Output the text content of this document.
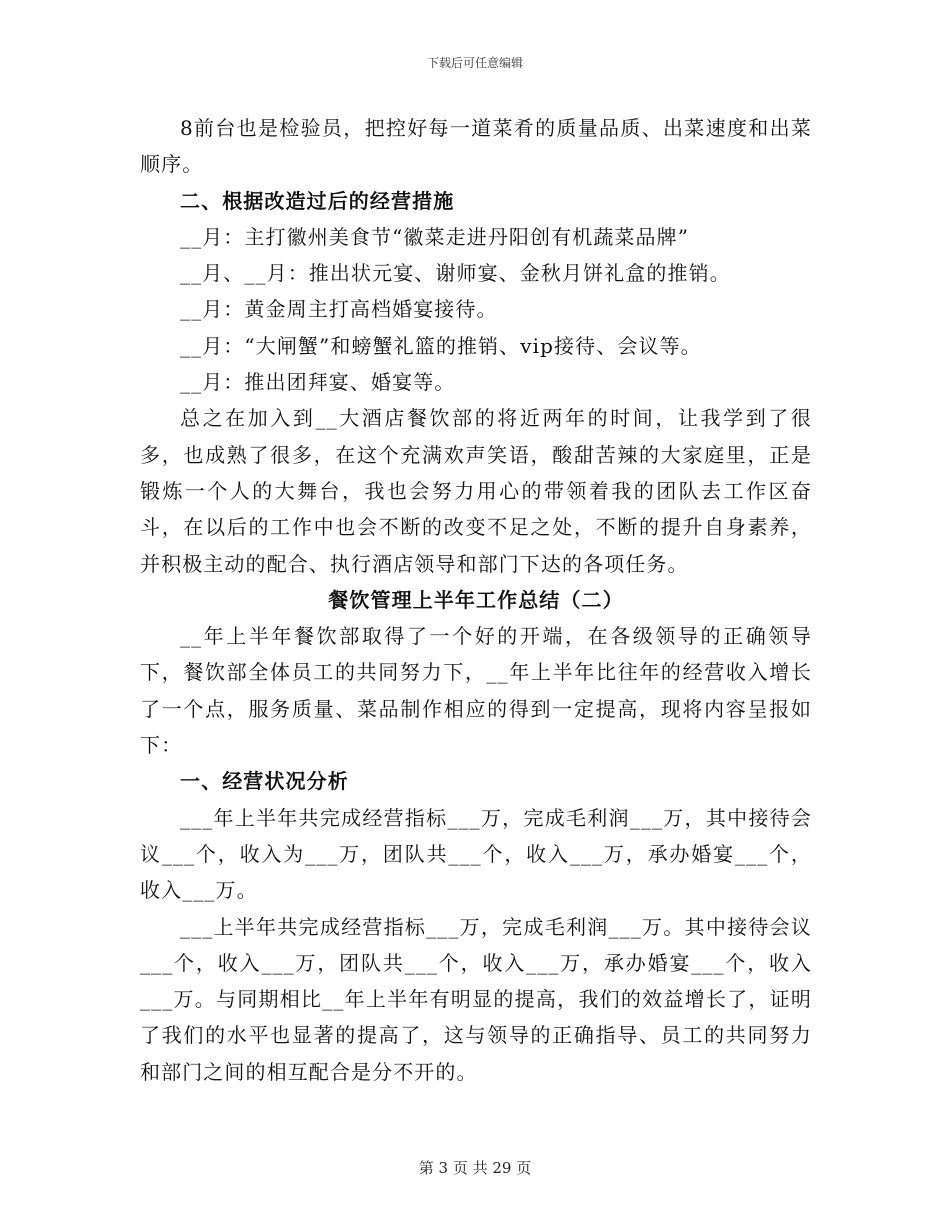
下载后可任意编辑

8前台也是检验员，把控好每一道菜肴的质量品质、出菜速度和出菜顺序。

二、根据改造过后的经营措施

__月：主打徽州美食节“徽菜走进丹阳创有机蔬菜品牌”

__月、__月：推出状元宴、谢师宴、金秋月饼礼盒的推销。

__月：黄金周主打高档婚宴接待。

__月：“大闸蟹”和螃蟹礼篮的推销、vip接待、会议等。

__月：推出团拜宴、婚宴等。

总之在加入到__大酒店餐饮部的将近两年的时间，让我学到了很多，也成熟了很多，在这个充满欢声笑语，酸甜苦辣的大家庭里，正是锻炼一个人的大舞台，我也会努力用心的带领着我的团队去工作区奋斗，在以后的工作中也会不断的改变不足之处，不断的提升自身素养，并积极主动的配合、执行酒店领导和部门下达的各项任务。

餐饮管理上半年工作总结（二）

__年上半年餐饮部取得了一个好的开端，在各级领导的正确领导下，餐饮部全体员工的共同努力下，__年上半年比往年的经营收入增长了一个点，服务质量、菜品制作相应的得到一定提高，现将内容呈报如下：

一、经营状况分析

___年上半年共完成经营指标___万，完成毛利润___万，其中接待会议___个，收入为___万，团队共___个，收入___万，承办婚宴___个，收入___万。

___上半年共完成经营指标___万，完成毛利润___万。其中接待会议___个，收入___万，团队共___个，收入___万，承办婚宴___个，收入___万。与同期相比__年上半年有明显的提高，我们的效益增长了，证明了我们的水平也显著的提高了，这与领导的正确指导、员工的共同努力和部门之间的相互配合是分不开的。

第 3 页 共 29 页
